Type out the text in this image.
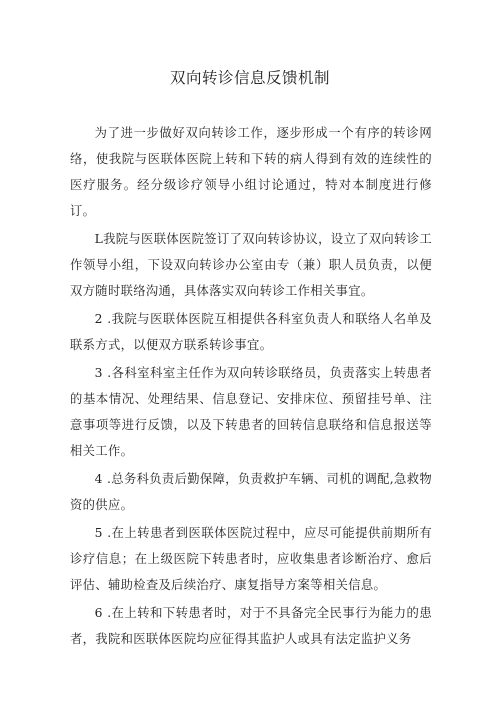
双向转诊信息反馈机制

为了进一步做好双向转诊工作，逐步形成一个有序的转诊网络，使我院与医联体医院上转和下转的病人得到有效的连续性的医疗服务。经分级诊疗领导小组讨论通过，特对本制度进行修订。

L我院与医联体医院签订了双向转诊协议，设立了双向转诊工作领导小组，下设双向转诊办公室由专（兼）职人员负责，以便双方随时联络沟通，具体落实双向转诊工作相关事宜。

2 .我院与医联体医院互相提供各科室负责人和联络人名单及联系方式，以便双方联系转诊事宜。

3 .各科室科室主任作为双向转诊联络员，负责落实上转患者的基本情况、处理结果、信息登记、安排床位、预留挂号单、注意事项等进行反馈，以及下转患者的回转信息联络和信息报送等相关工作。

4 .总务科负责后勤保障，负责救护车辆、司机的调配,急救物资的供应。

5 .在上转患者到医联体医院过程中，应尽可能提供前期所有诊疗信息；在上级医院下转患者时，应收集患者诊断治疗、愈后评估、辅助检查及后续治疗、康复指导方案等相关信息。

6 .在上转和下转患者时，对于不具备完全民事行为能力的患者，我院和医联体医院均应征得其监护人或具有法定监护义务
